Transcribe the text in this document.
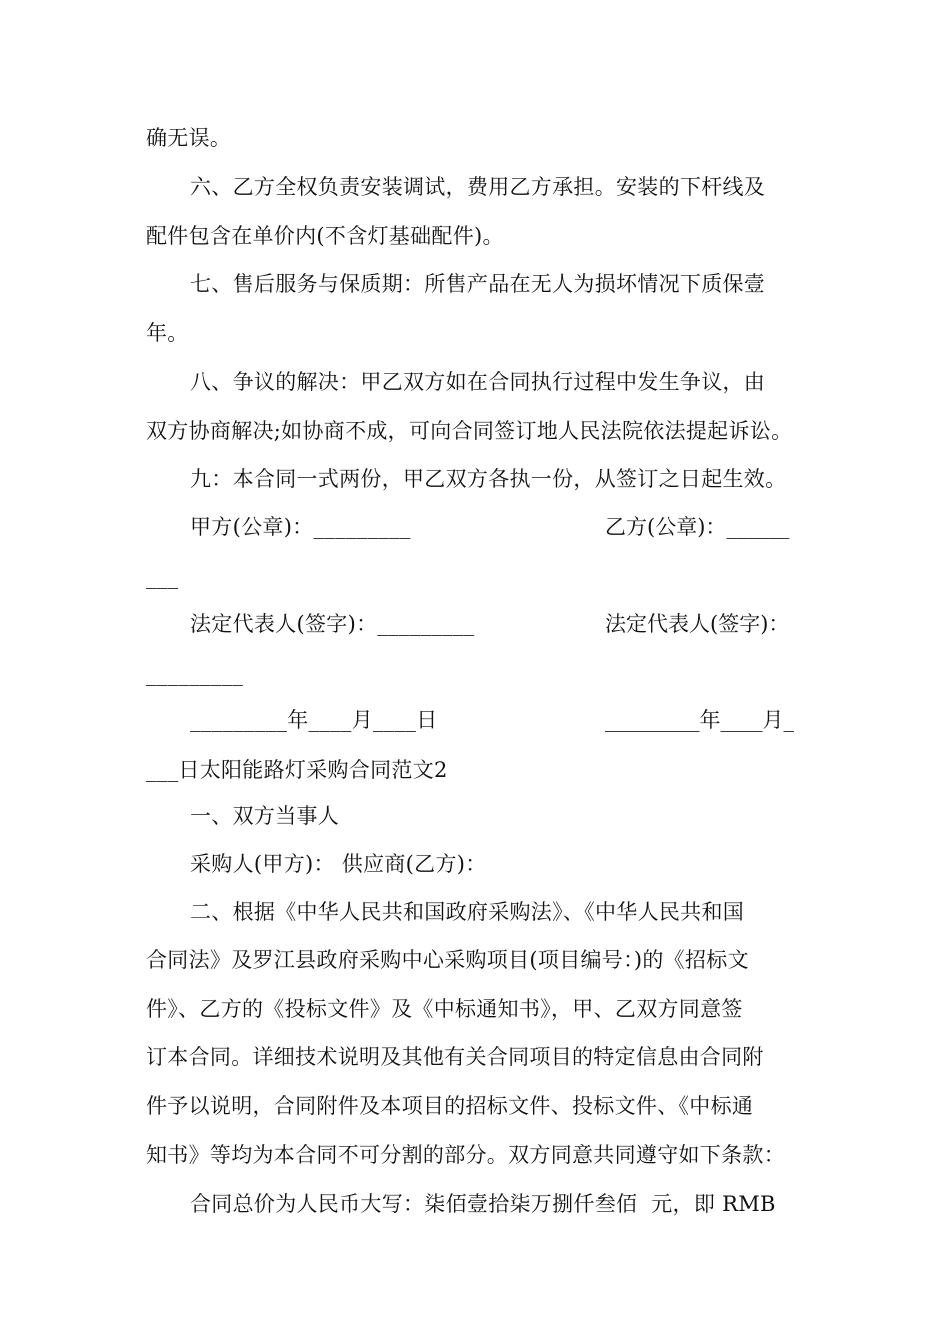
确无误。
六、乙方全权负责安装调试，费用乙方承担。安装的下杆线及
配件包含在单价内(不含灯基础配件)。
七、售后服务与保质期：所售产品在无人为损坏情况下质保壹
年。
八、争议的解决：甲乙双方如在合同执行过程中发生争议，由
双方协商解决;如协商不成，可向合同签订地人民法院依法提起诉讼。
九：本合同一式两份，甲乙双方各执一份，从签订之日起生效。
甲方(公章)：_________	乙方(公章)：______
___
法定代表人(签字)：_________	法定代表人(签字)：
_________
_________年____月____日	_________年____月_
___日太阳能路灯采购合同范文2
一、双方当事人
采购人(甲方)： 供应商(乙方)：
二、根据《中华人民共和国政府采购法》、《中华人民共和国
合同法》及罗江县政府采购中心采购项目(项目编号：)的《招标文
件》、乙方的《投标文件》及《中标通知书》，甲、乙双方同意签
订本合同。详细技术说明及其他有关合同项目的特定信息由合同附
件予以说明，合同附件及本项目的招标文件、投标文件、《中标通
知书》等均为本合同不可分割的部分。双方同意共同遵守如下条款：
合同总价为人民币大写：柒佰壹拾柒万捌仟叁佰  元，即 RMB
